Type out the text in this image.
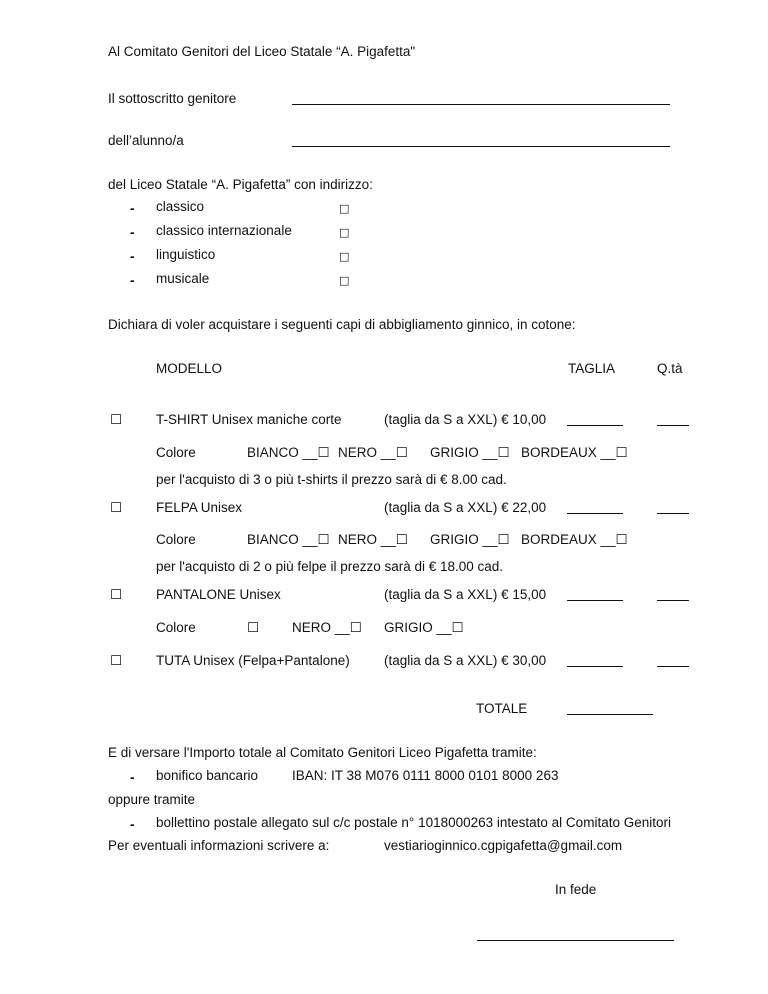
Al Comitato Genitori del Liceo Statale “A. Pigafetta"
Il sottoscritto genitore
dell’alunno/a
del Liceo Statale “A. Pigafetta” con indirizzo:
- classico	□
- classico internazionale	□
- linguistico	□
- musicale	□
Dichiara di voler acquistare i seguenti capi di abbigliamento ginnico, in cotone:
MODELLO	TAGLIA	Q.tà
☐	T-SHIRT Unisex maniche corte	(taglia da S a XXL) € 10,00
Colore	BIANCO __☐ NERO __☐ GRIGIO __☐ BORDEAUX __☐
per l'acquisto di 3 o più t-shirts il prezzo sarà di € 8.00 cad.
☐	FELPA Unisex	(taglia da S a XXL) € 22,00
Colore	BIANCO __☐ NERO __☐ GRIGIO __☐ BORDEAUX __☐
per l'acquisto di 2 o più felpe il prezzo sarà di € 18.00 cad.
☐	PANTALONE Unisex	(taglia da S a XXL) € 15,00
Colore	☐ NERO __☐ GRIGIO __☐
☐	TUTA Unisex (Felpa+Pantalone)	(taglia da S a XXL) € 30,00
TOTALE
E di versare l'Importo totale al Comitato Genitori Liceo Pigafetta tramite:
- bonifico bancario	IBAN: IT 38 M076 0111 8000 0101 8000 263
oppure tramite
- bollettino postale allegato sul c/c postale n° 1018000263 intestato al Comitato Genitori
Per eventuali informazioni scrivere a:	vestiarioginnico.cgpigafetta@gmail.com
In fede
